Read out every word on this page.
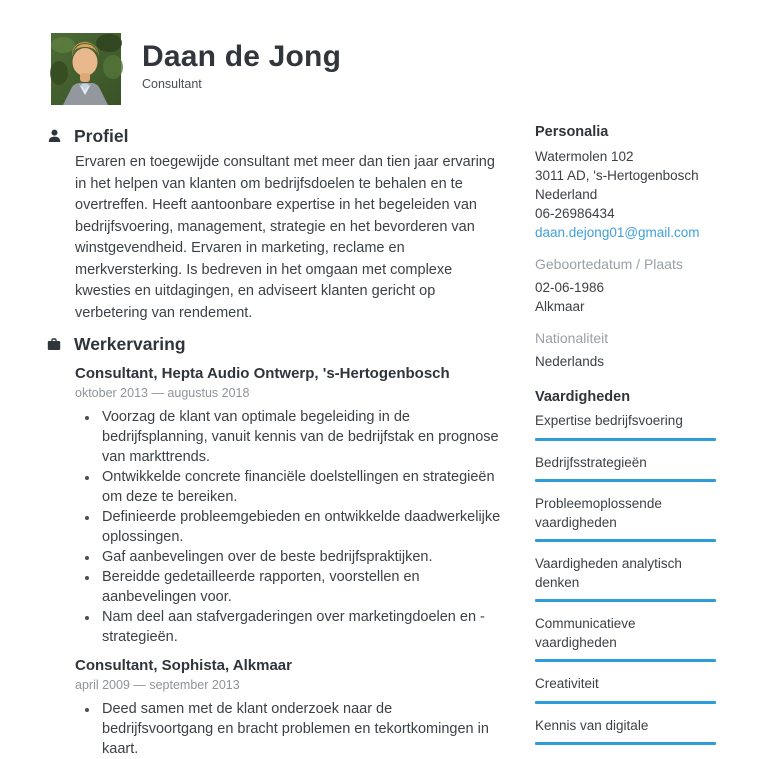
Daan de Jong
Consultant
Profiel
Ervaren en toegewijde consultant met meer dan tien jaar ervaring in het helpen van klanten om bedrijfsdoelen te behalen en te overtreffen. Heeft aantoonbare expertise in het begeleiden van bedrijfsvoering, management, strategie en het bevorderen van winstgevendheid. Ervaren in marketing, reclame en merkversterking. Is bedreven in het omgaan met complexe kwesties en uitdagingen, en adviseert klanten gericht op verbetering van rendement.
Werkervaring
Consultant, Hepta Audio Ontwerp, 's-Hertogenbosch
oktober 2013 — augustus 2018
• Voorzag de klant van optimale begeleiding in de bedrijfsplanning, vanuit kennis van de bedrijfstak en prognose van markttrends.
• Ontwikkelde concrete financiële doelstellingen en strategieën om deze te bereiken.
• Definieerde probleemgebieden en ontwikkelde daadwerkelijke oplossingen.
• Gaf aanbevelingen over de beste bedrijfspraktijken.
• Bereidde gedetailleerde rapporten, voorstellen en aanbevelingen voor.
• Nam deel aan stafvergaderingen over marketingdoelen en -strategieën.
Consultant, Sophista, Alkmaar
april 2009 — september 2013
• Deed samen met de klant onderzoek naar de bedrijfsvoortgang en bracht problemen en tekortkomingen in kaart.
Personalia
Watermolen 102
3011 AD, 's-Hertogenbosch
Nederland
06-26986434
daan.dejong01@gmail.com
Geboortedatum / Plaats
02-06-1986
Alkmaar
Nationaliteit
Nederlands
Vaardigheden
Expertise bedrijfsvoering
Bedrijfsstrategieën
Probleemoplossende vaardigheden
Vaardigheden analytisch denken
Communicatieve vaardigheden
Creativiteit
Kennis van digitale
